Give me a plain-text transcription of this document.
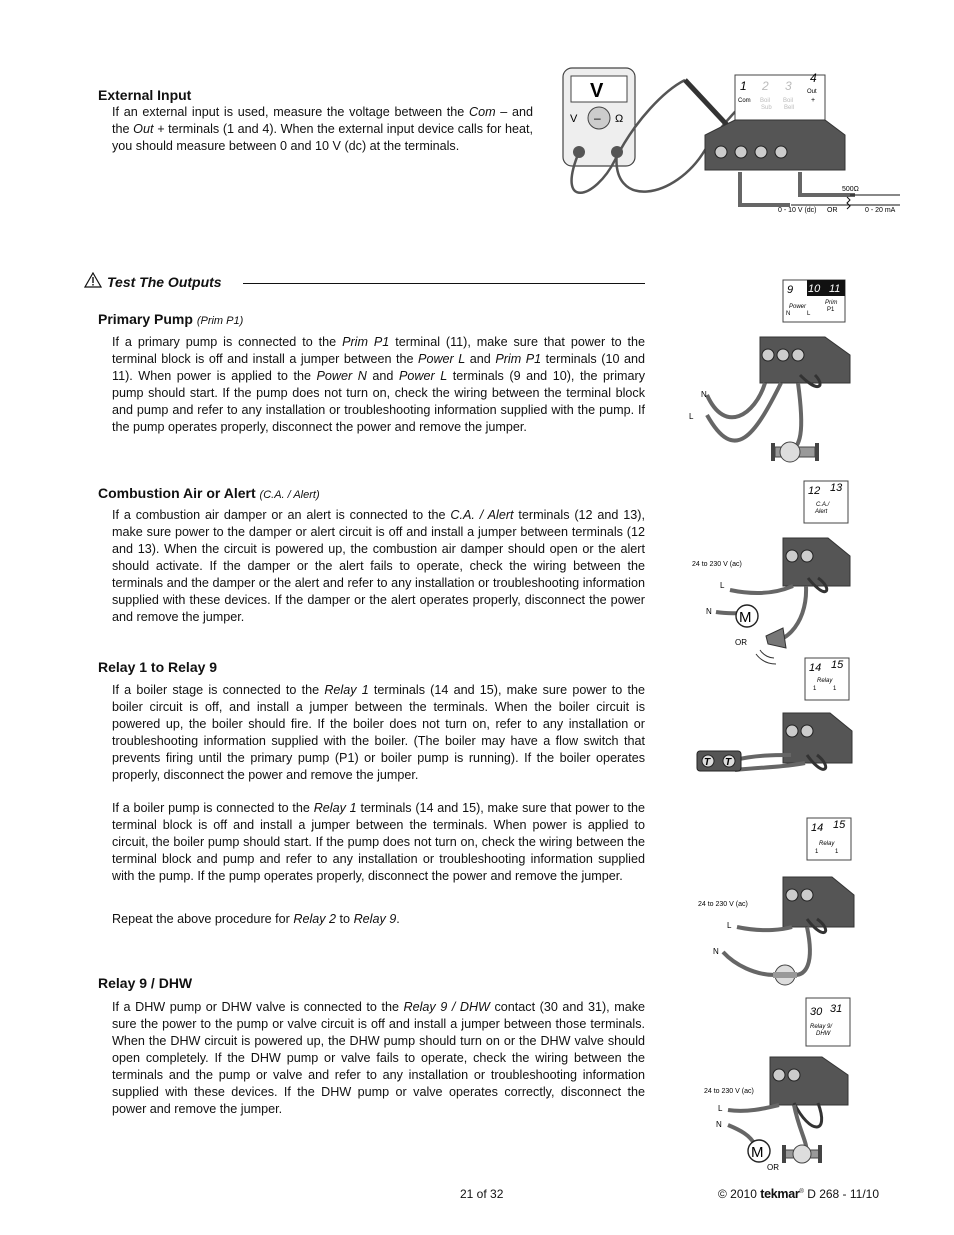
External Input

If an external input is used, measure the voltage between the Com – and the Out + terminals (1 and 4). When the external input device calls for heat, you should measure between 0 and 10 V (dc) at the terminals.

Test The Outputs
Primary Pump (Prim P1)

If a primary pump is connected to the Prim P1 terminal (11), make sure that power to the terminal block is off and install a jumper between the Power L and Prim P1 terminals (10 and 11). When power is applied to the Power N and Power L terminals (9 and 10), the primary pump should start. If the pump does not turn on, check the wiring between the terminal block and pump and refer to any installation or troubleshooting information supplied with the pump. If the pump operates properly, disconnect the power and remove the jumper.

Combustion Air or Alert (C.A. / Alert)

If a combustion air damper or an alert is connected to the C.A. / Alert terminals (12 and 13), make sure power to the damper or alert circuit is off and install a jumper between terminals (12 and 13). When the circuit is powered up, the combustion air damper should open or the alert should activate. If the damper or the alert fails to operate, check the wiring between the terminals and the damper or the alert and refer to any installation or troubleshooting information supplied with these devices. If the damper or the alert operates properly, disconnect the power and remove the jumper.

Relay 1 to Relay 9

If a boiler stage is connected to the Relay 1 terminals (14 and 15), make sure power to the boiler circuit is off, and install a jumper between the terminals. When the boiler circuit is powered up, the boiler should fire. If the boiler does not turn on, refer to any installation or troubleshooting information supplied with the boiler. (The boiler may have a flow switch that prevents firing until the primary pump (P1) or boiler pump is running). If the boiler operates properly, disconnect the power and remove the jumper.

If a boiler pump is connected to the Relay 1 terminals (14 and 15), make sure that power to the terminal block is off and install a jumper between the terminals. When power is applied to circuit, the boiler pump should start. If the pump does not turn on, check the wiring between the terminal block and pump and refer to any installation or troubleshooting information supplied with the pump. If the pump operates properly, disconnect the power and remove the jumper.

Repeat the above procedure for Relay 2 to Relay 9.

Relay 9 / DHW

If a DHW pump or DHW valve is connected to the Relay 9 / DHW contact (30 and 31), make sure the power to the pump or valve circuit is off and install a jumper between those terminals. When the DHW circuit is powered up, the DHW pump should turn on or the DHW valve should open completely. If the DHW pump or valve fails to operate, check the wiring between the terminals and the pump or valve and refer to any installation or troubleshooting information supplied with these devices. If the DHW pump or valve operates correctly, disconnect the power and remove the jumper.

V
V – Ω
1 2 3
4
Com Boil Boil
Sub Bell
Out
+
500Ω
0 - 10 V (dc) OR	0 - 20 mA
9 10 11
Power
N	L
Prim
P1
N
L
12 13
C.A./
Alert
24 to 230 V (ac)
L
N M
OR
14 15
Relay
1	1
T T
14 15
Relay
1	1
24 to 230 V (ac)
L
N
30 31
Relay 9/
DHW
24 to 230 V (ac)
L
N
M
OR
21 of 32	© 2010 tekmar® D 268 - 11/10
